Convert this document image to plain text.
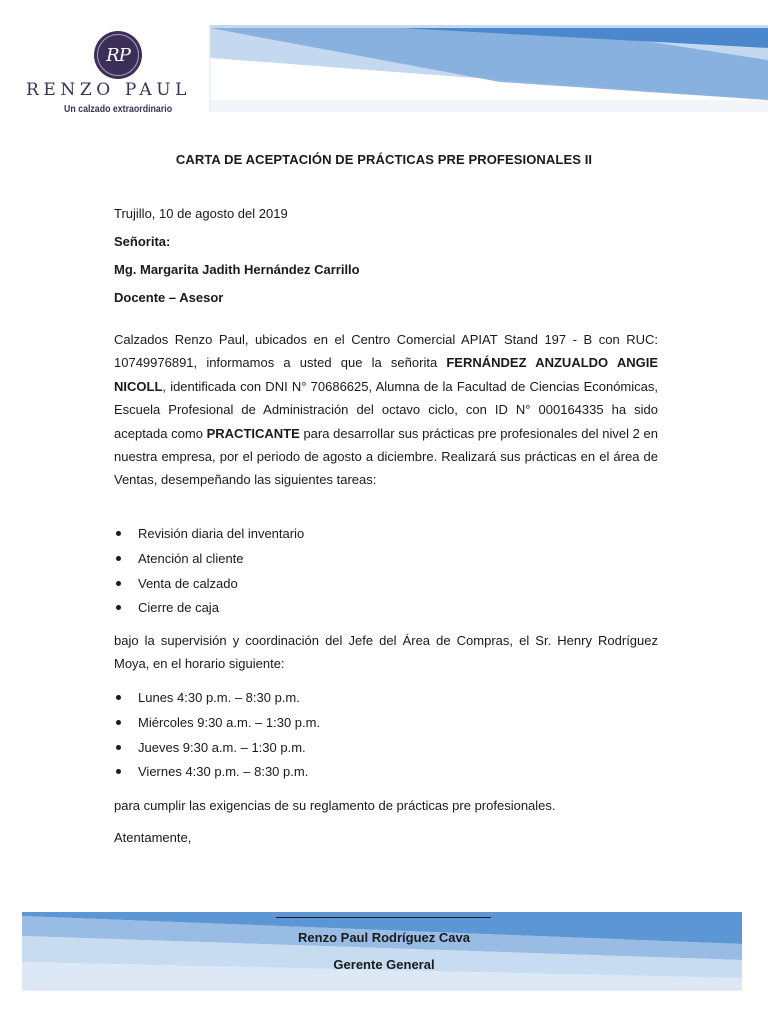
RP
RENZO PAUL
Un calzado extraordinario
CARTA DE ACEPTACIÓN DE PRÁCTICAS PRE PROFESIONALES II
Trujillo, 10 de agosto del 2019
Señorita:
Mg. Margarita Jadith Hernández Carrillo
Docente – Asesor
Calzados Renzo Paul, ubicados en el Centro Comercial APIAT Stand 197 - B con RUC: 10749976891, informamos a usted que la señorita FERNÁNDEZ ANZUALDO ANGIE NICOLL, identificada con DNI N° 70686625, Alumna de la Facultad de Ciencias Económicas, Escuela Profesional de Administración del octavo ciclo, con ID N° 000164335 ha sido aceptada como PRACTICANTE para desarrollar sus prácticas pre profesionales del nivel 2 en nuestra empresa, por el periodo de agosto a diciembre. Realizará sus prácticas en el área de Ventas, desempeñando las siguientes tareas:
Revisión diaria del inventario
Atención al cliente
Venta de calzado
Cierre de caja
bajo la supervisión y coordinación del Jefe del Área de Compras, el Sr. Henry Rodríguez Moya, en el horario siguiente:
Lunes 4:30 p.m. – 8:30 p.m.
Miércoles 9:30 a.m. – 1:30 p.m.
Jueves 9:30 a.m. – 1:30 p.m.
Viernes 4:30 p.m. – 8:30 p.m.
para cumplir las exigencias de su reglamento de prácticas pre profesionales.
Atentamente,
Renzo Paul Rodríguez Cava
Gerente General
